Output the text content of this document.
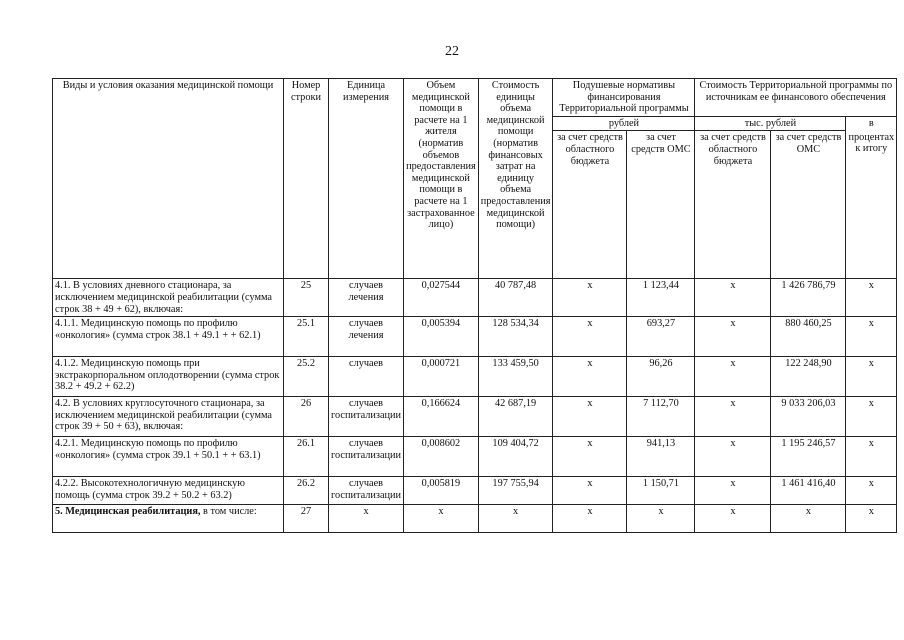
22
Виды и условия оказания медицинской помощи	Номер строки	Единица измерения	Объем медицинской помощи в расчете на 1 жителя (норматив объемов предоставления медицинской помощи в расчете на 1 застрахованное лицо)	Стоимость единицы объема медицинской помощи (норматив финансовых затрат на единицу объема предоставления медицинской помощи)	Подушевые нормативы финансирования Территориальной программы		Стоимость Территориальной программы по источникам ее финансового обеспечения		
					рублей		тыс. рублей		в
					за счет средств областного бюджета	за счет средств ОМС	за счет средств областного бюджета	за счет средств ОМС	процентах к итогу
4.1. В условиях дневного стационара, за исключением медицинской реабилитации (сумма строк 38 + 49 + 62), включая:	25	случаев лечения	0,027544	40 787,48	x	1 123,44	x	1 426 786,79	x
4.1.1. Медицинскую помощь по профилю «онкология» (сумма строк 38.1 + 49.1 + + 62.1)	25.1	случаев лечения	0,005394	128 534,34	x	693,27	x	880 460,25	x
4.1.2. Медицинскую помощь при экстракорпоральном оплодотворении (сумма строк 38.2 + 49.2 + 62.2)	25.2	случаев	0,000721	133 459,50	x	96,26	x	122 248,90	x
4.2. В условиях круглосуточного стационара, за исключением медицинской реабилитации (сумма строк 39 + 50 + 63), включая:	26	случаев госпитализации	0,166624	42 687,19	x	7 112,70	x	9 033 206,03	x
4.2.1. Медицинскую помощь по профилю «онкология» (сумма строк 39.1 + 50.1 + + 63.1)	26.1	случаев госпитализации	0,008602	109 404,72	x	941,13	x	1 195 246,57	x
4.2.2. Высокотехнологичную медицинскую помощь (сумма строк 39.2 + 50.2 + 63.2)	26.2	случаев госпитализации	0,005819	197 755,94	x	1 150,71	x	1 461 416,40	x
5. Медицинская реабилитация, в том числе:	27	x	x	x	x	x	x	x	x
